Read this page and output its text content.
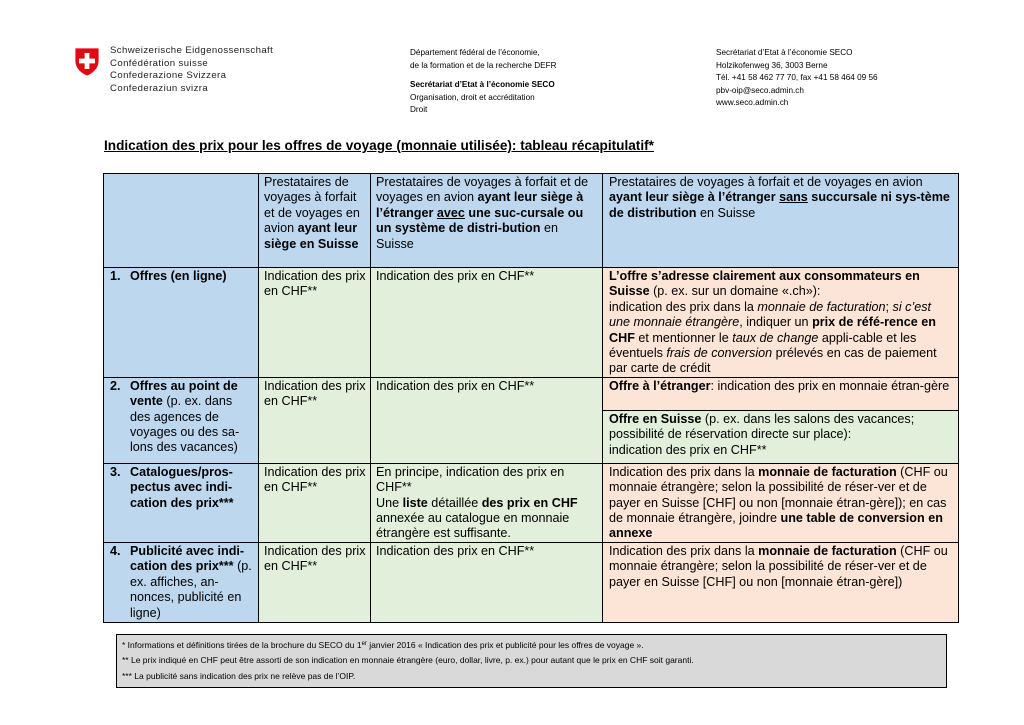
Schweizerische Eidgenossenschaft
Confédération suisse
Confederazione Svizzera
Confederaziun svizra
Département fédéral de l’économie,
de la formation et de la recherche DEFR
Secrétariat d’Etat à l’économie SECO
Organisation, droit et accréditation
Droit
Secrétariat d’Etat à l’économie SECO
Holzikofenweg 36, 3003 Berne
Tél. +41 58 462 77 70, fax +41 58 464 09 56
pbv-oip@seco.admin.ch
www.seco.admin.ch
Indication des prix pour les offres de voyage (monnaie utilisée): tableau récapitulatif*
	Prestataires de voyages à forfait et de voyages en avion ayant leur siège en Suisse	Prestataires de voyages à forfait et de voyages en avion ayant leur siège à l’étranger avec une suc-cursale ou un système de distri-bution en Suisse	Prestataires de voyages à forfait et de voyages en avion
ayant leur siège à l’étranger sans succursale ni sys-tème de distribution en Suisse

1. Offres (en ligne)	Indication des prix en CHF**	Indication des prix en CHF**	L’offre s’adresse clairement aux consommateurs en Suisse (p. ex. sur un domaine «.ch»):
indication des prix dans la monnaie de facturation; si c’est une monnaie étrangère, indiquer un prix de réfé-rence en CHF et mentionner le taux de change appli-cable et les éventuels frais de conversion prélevés en cas de paiement par carte de crédit

2. Offres au point de vente (p. ex. dans des agences de voyages ou des sa-lons des vacances)	Indication des prix en CHF**	Indication des prix en CHF**	Offre à l’étranger: indication des prix en monnaie étran-gère
			Offre en Suisse (p. ex. dans les salons des vacances; possibilité de réservation directe sur place):
indication des prix en CHF**

3. Catalogues/pros-pectus avec indi-cation des prix***	Indication des prix en CHF**	En principe, indication des prix en CHF**
Une liste détaillée des prix en CHF annexée au catalogue en monnaie étrangère est suffisante.	Indication des prix dans la monnaie de facturation (CHF ou monnaie étrangère; selon la possibilité de réser-ver et de payer en Suisse [CHF] ou non [monnaie étran-gère]); en cas de monnaie étrangère, joindre une table de conversion en annexe

4. Publicité avec indi-cation des prix*** (p. ex. affiches, an-nonces, publicité en ligne)	Indication des prix en CHF**	Indication des prix en CHF**	Indication des prix dans la monnaie de facturation (CHF ou monnaie étrangère; selon la possibilité de réser-ver et de payer en Suisse [CHF] ou non [monnaie étran-gère])
* Informations et définitions tirées de la brochure du SECO du 1er janvier 2016 « Indication des prix et publicité pour les offres de voyage ».
** Le prix indiqué en CHF peut être assorti de son indication en monnaie étrangère (euro, dollar, livre, p. ex.) pour autant que le prix en CHF soit garanti.
*** La publicité sans indication des prix ne relève pas de l’OIP.
